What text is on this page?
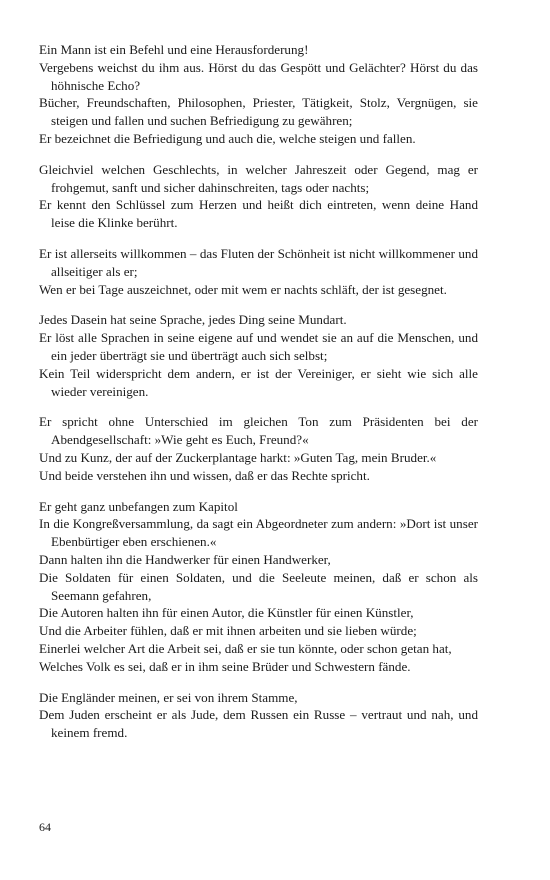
Ein Mann ist ein Befehl und eine Herausforderung!

Vergebens weichst du ihm aus. Hörst du das Gespött und Gelächter? Hörst du das höhnische Echo?

Bücher, Freundschaften, Philosophen, Priester, Tätigkeit, Stolz, Vergnügen, sie steigen und fallen und suchen Befriedigung zu gewähren;

Er bezeichnet die Befriedigung und auch die, welche steigen und fallen.

Gleichviel welchen Geschlechts, in welcher Jahreszeit oder Gegend, mag er frohgemut, sanft und sicher dahinschreiten, tags oder nachts;

Er kennt den Schlüssel zum Herzen und heißt dich eintreten, wenn deine Hand leise die Klinke berührt.

Er ist allerseits willkommen – das Fluten der Schönheit ist nicht willkommener und allseitiger als er;

Wen er bei Tage auszeichnet, oder mit wem er nachts schläft, der ist gesegnet.

Jedes Dasein hat seine Sprache, jedes Ding seine Mundart.

Er löst alle Sprachen in seine eigene auf und wendet sie an auf die Menschen, und ein jeder überträgt sie und überträgt auch sich selbst;

Kein Teil widerspricht dem andern, er ist der Vereiniger, er sieht wie sich alle wieder vereinigen.

Er spricht ohne Unterschied im gleichen Ton zum Präsidenten bei der Abendgesellschaft: »Wie geht es Euch, Freund?«

Und zu Kunz, der auf der Zuckerplantage harkt: »Guten Tag, mein Bruder.«

Und beide verstehen ihn und wissen, daß er das Rechte spricht.

Er geht ganz unbefangen zum Kapitol

In die Kongreßversammlung, da sagt ein Abgeordneter zum andern: »Dort ist unser Ebenbürtiger eben erschienen.«

Dann halten ihn die Handwerker für einen Handwerker,

Die Soldaten für einen Soldaten, und die Seeleute meinen, daß er schon als Seemann gefahren,

Die Autoren halten ihn für einen Autor, die Künstler für einen Künstler,

Und die Arbeiter fühlen, daß er mit ihnen arbeiten und sie lieben würde;

Einerlei welcher Art die Arbeit sei, daß er sie tun könnte, oder schon getan hat,

Welches Volk es sei, daß er in ihm seine Brüder und Schwestern fände.

Die Engländer meinen, er sei von ihrem Stamme,

Dem Juden erscheint er als Jude, dem Russen ein Russe – vertraut und nah, und keinem fremd.

64
